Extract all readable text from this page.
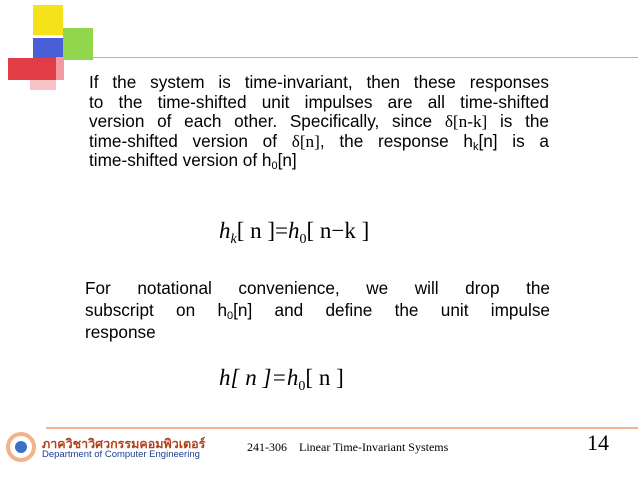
If the system is time-invariant, then these responses
to the time-shifted unit impulses are all time-shifted
version of each other. Specifically, since δ[n-k] is the
time-shifted version of δ[n], the response $h_k[n]$ is a
time-shifted version of $h_0[n]$
$h_k$[ n ]$=h_0$[ n−k ]
For notational convenience, we will drop the
subscript on $h_0[n]$ and define the unit impulse
response
h[ n ]$=h_0$[ n ]
ภาควิชาวิศวกรรมคอมพิวเตอร์
Department of Computer Engineering
241-306    Linear Time-Invariant Systems	14
